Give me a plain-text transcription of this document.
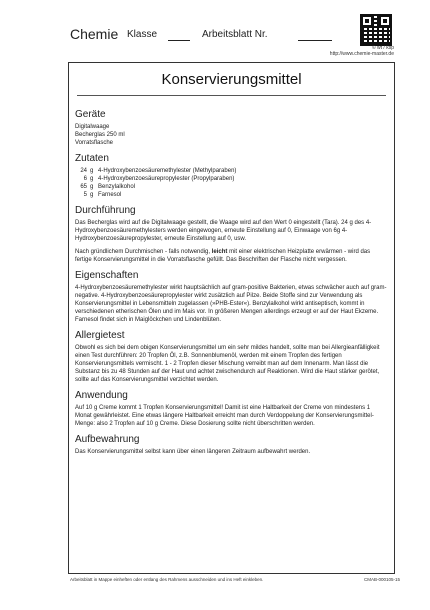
Chemie Klasse	Arbeitsblatt Nr.
© wt / ksp
http://www.chemie-master.de
Konservierungsmittel
Geräte
Digitalwaage
Becherglas 250 ml
Vorratsflasche
Zutaten
24 g 4-Hydroxybenzoesäuremethylester (Methylparaben)
6 g 4-Hydroxybenzoesäurepropylester (Propylparaben)
65 g Benzylalkohol
5 g Farnesol
Durchführung

Das Becherglas wird auf die Digitalwaage gestellt, die Waage wird auf den Wert 0 eingestellt (Tara). 24 g des 4-Hydroxybenzoesäuremethylesters werden eingewogen, erneute Einstellung auf 0, Einwaage von 6g 4-Hydroxybenzoesäurepropylester, erneute Einstellung auf 0, usw.

Nach gründlichem Durchmischen - falls notwendig, leicht mit einer elektrischen Heizplatte erwärmen - wird das fertige Konservierungsmittel in die Vorratsflasche gefüllt. Das Beschriften der Flasche nicht vergessen.

Eigenschaften

4-Hydroxybenzoesäuremethylester wirkt hauptsächlich auf gram-positive Bakterien, etwas schwächer auch auf gram-negative. 4-Hydroxybenzoesäurepropylester wirkt zusätzlich auf Pilze. Beide Stoffe sind zur Verwendung als Konservierungsmittel in Lebensmitteln zugelassen (»PHB-Ester«). Benzylalkohol wirkt antiseptisch, kommt in verschiedenen etherischen Ölen und im Mais vor. In größeren Mengen allerdings erzeugt er auf der Haut Ekzeme. Farnesol findet sich in Maiglöckchen und Lindenblüten.

Allergietest

Obwohl es sich bei dem obigen Konservierungsmittel um ein sehr mildes handelt, sollte man bei Allergieanfälligkeit einen Test durchführen: 20 Tropfen Öl, z.B. Sonnenblumenöl, werden mit einem Tropfen des fertigen Konservierungsmittels vermischt. 1 - 2 Tropfen dieser Mischung verreibt man auf dem Innenarm. Man lässt die Substanz bis zu 48 Stunden auf der Haut und achtet zwischendurch auf Reaktionen. Wird die Haut stärker gerötet, sollte auf das Konservierungsmittel verzichtet werden.

Anwendung

Auf 10 g Creme kommt 1 Tropfen Konservierungsmittel! Damit ist eine Haltbarkeit der Creme von mindestens 1 Monat gewährleistet. Eine etwas längere Haltbarkeit erreicht man durch Verdoppelung der Konservierungsmittel-Menge: also 2 Tropfen auf 10 g Creme. Diese Dosierung sollte nicht überschritten werden.

Aufbewahrung

Das Konservierungsmittel selbst kann über einen längeren Zeitraum aufbewahrt werden.

Arbeitsblatt in Mappe einheften oder entlang des Rahmens ausschneiden und ins Heft einkleben.	CMAB-000105-15
